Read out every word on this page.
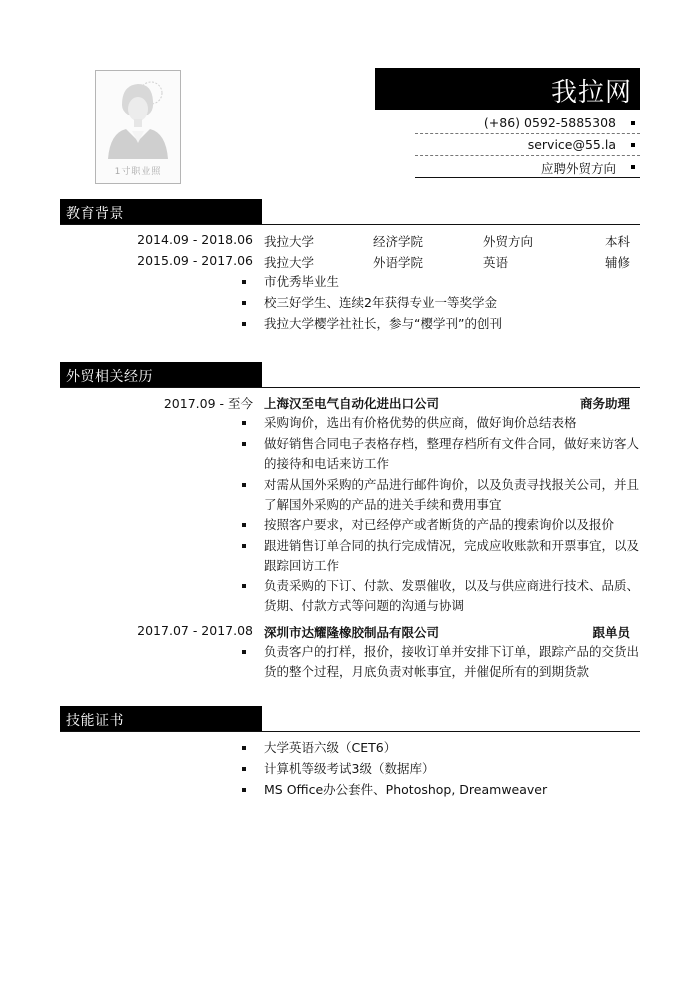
1寸职业照
我拉网
(+86) 0592-5885308
service@55.la
应聘外贸方向
教育背景
2014.09 - 2018.06 我拉大学	经济学院	外贸方向	本科
2015.09 - 2017.06 我拉大学	外语学院	英语	辅修
市优秀毕业生
校三好学生、连续2年获得专业一等奖学金
我拉大学樱学社社长，参与“樱学刊”的创刊
外贸相关经历
2017.09 - 至今 上海汉至电气自动化进出口公司	商务助理
采购询价，选出有价格优势的供应商，做好询价总结表格
做好销售合同电子表格存档，整理存档所有文件合同，做好来访客人的接待和电话来访工作
对需从国外采购的产品进行邮件询价，以及负责寻找报关公司，并且了解国外采购的产品的进关手续和费用事宜
按照客户要求，对已经停产或者断货的产品的搜索询价以及报价
跟进销售订单合同的执行完成情况，完成应收账款和开票事宜，以及跟踪回访工作
负责采购的下订、付款、发票催收，以及与供应商进行技术、品质、货期、付款方式等问题的沟通与协调
2017.07 - 2017.08 深圳市达耀隆橡胶制品有限公司	跟单员
负责客户的打样，报价，接收订单并安排下订单，跟踪产品的交货出货的整个过程，月底负责对帐事宜，并催促所有的到期货款
技能证书
大学英语六级（CET6）
计算机等级考试3级（数据库）
MS Office办公套件、Photoshop, Dreamweaver
